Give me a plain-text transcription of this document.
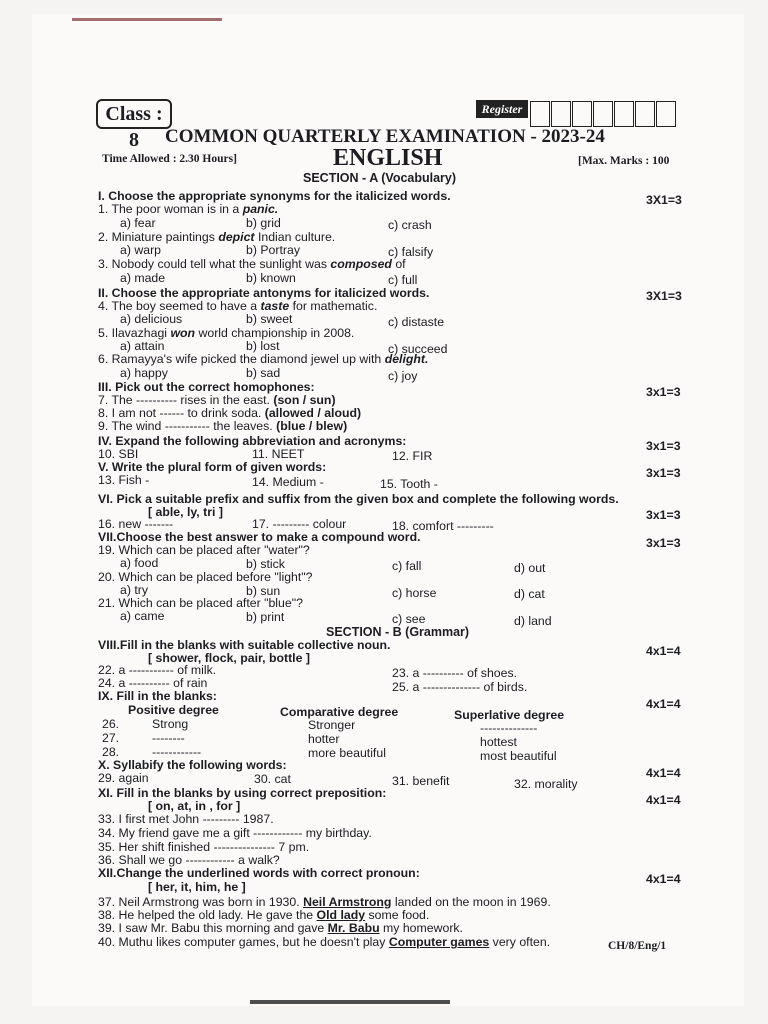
Class : 8
Register
COMMON QUARTERLY EXAMINATION - 2023-24
Time Allowed : 2.30 Hours]	ENGLISH	[Max. Marks : 100
SECTION - A (Vocabulary)
I. Choose the appropriate synonyms for the italicized words.	3X1=3
1. The poor woman is in a panic.
a) fear	b) grid	c) crash
2. Miniature paintings depict Indian culture.
a) warp	b) Portray	c) falsify
3. Nobody could tell what the sunlight was composed of
a) made	b) known	c) full
II. Choose the appropriate antonyms for italicized words.	3X1=3
4. The boy seemed to have a taste for mathematic.
a) delicious	b) sweet	c) distaste
5. Ilavazhagi won world championship in 2008.
a) attain	b) lost	c) succeed
6. Ramayya's wife picked the diamond jewel up with delight.
a) happy	b) sad	c) joy
III. Pick out the correct homophones:	3x1=3
7. The ---------- rises in the east. (son / sun)
8. I am not ------ to drink soda. (allowed / aloud)
9. The wind ----------- the leaves. (blue / blew)
IV. Expand the following abbreviation and acronyms:	3x1=3
10. SBI	11. NEET	12. FIR
V. Write the plural form of given words:	3x1=3
13. Fish -	14. Medium -	15. Tooth -
VI. Pick a suitable prefix and suffix from the given box and complete the following words.
[ able, ly, tri ]	3x1=3
16. new -------	17. --------- colour	18. comfort ---------
VII.Choose the best answer to make a compound word.	3x1=3
19. Which can be placed after "water"?
a) food	b) stick	c) fall	d) out
20. Which can be placed before "light"?
a) try	b) sun	c) horse	d) cat
21. Which can be placed after "blue"?
a) came	b) print	c) see	d) land
SECTION - B (Grammar)
VIII.Fill in the blanks with suitable collective noun.
[ shower, flock, pair, bottle ]	4x1=4
22. a ----------- of milk.	23. a ---------- of shoes.
24. a ---------- of rain	25. a -------------- of birds.
IX. Fill in the blanks:
4x1=4
Positive degree	Comparative degree	Superlative degree
26.	Strong	Stronger	--------------
27.	--------	hotter	hottest
28.	------------	more beautiful	most beautiful
X. Syllabify the following words:
4x1=4
29. again	30. cat	31. benefit	32. morality
XI. Fill in the blanks by using correct preposition:
[ on, at, in , for ]	4x1=4
33. I first met John --------- 1987.
34. My friend gave me a gift ------------ my birthday.
35. Her shift finished --------------- 7 pm.
36. Shall we go ------------ a walk?
XII.Change the underlined words with correct pronoun:
[ her, it, him, he ]
4x1=4
37. Neil Armstrong was born in 1930. Neil Armstrong landed on the moon in 1969.
38. He helped the old lady. He gave the Old lady some food.
39. I saw Mr. Babu this morning and gave Mr. Babu my homework.
40. Muthu likes computer games, but he doesn't play Computer games very often.	CH/8/Eng/1
